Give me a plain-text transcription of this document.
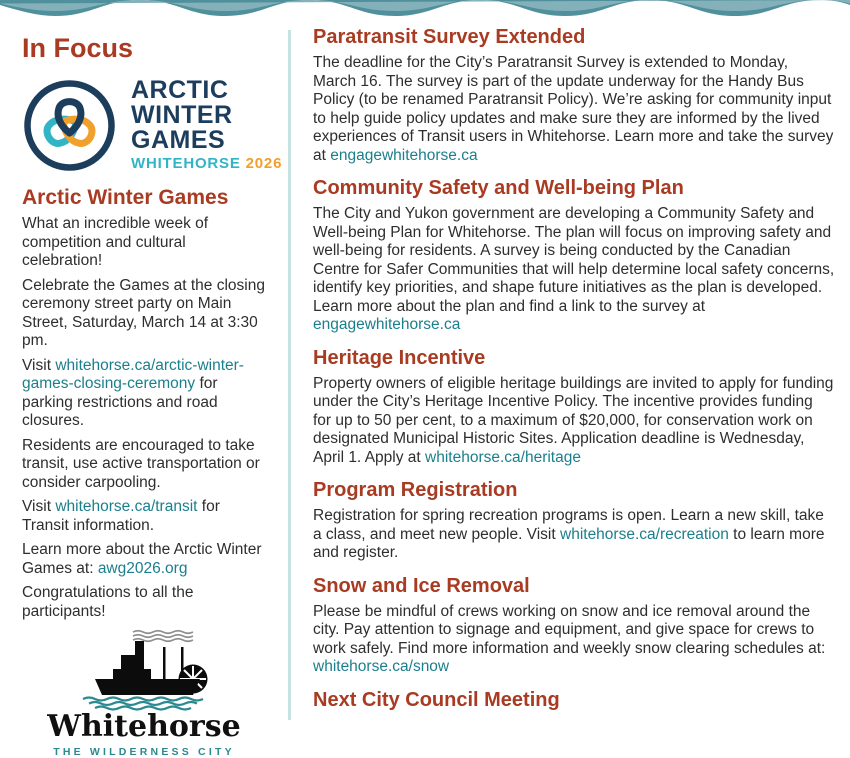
In Focus
ARCTIC
WINTER
GAMES
WHITEHORSE 2026
Arctic Winter Games

What an incredible week of competition and cultural celebration!

Celebrate the Games at the closing ceremony street party on Main Street, Saturday, March 14 at 3:30 pm.

Visit whitehorse.ca/arctic-winter-games-closing-ceremony for parking restrictions and road closures.

Residents are encouraged to take transit, use active transportation or consider carpooling.

Visit whitehorse.ca/transit for Transit information.

Learn more about the Arctic Winter Games at: awg2026.org

Congratulations to all the participants!

Whitehorse
THE WILDERNESS CITY
Paratransit Survey Extended

The deadline for the City’s Paratransit Survey is extended to Monday, March 16. The survey is part of the update underway for the Handy Bus Policy (to be renamed Paratransit Policy). We’re asking for community input to help guide policy updates and make sure they are informed by the lived experiences of Transit users in Whitehorse. Learn more and take the survey at engagewhitehorse.ca

Community Safety and Well-being Plan

The City and Yukon government are developing a Community Safety and Well-being Plan for Whitehorse. The plan will focus on improving safety and well-being for residents. A survey is being conducted by the Canadian Centre for Safer Communities that will help determine local safety concerns, identify key priorities, and shape future initiatives as the plan is developed. Learn more about the plan and find a link to the survey at engagewhitehorse.ca

Heritage Incentive

Property owners of eligible heritage buildings are invited to apply for funding under the City’s Heritage Incentive Policy. The incentive provides funding for up to 50 per cent, to a maximum of $20,000, for conservation work on designated Municipal Historic Sites. Application deadline is Wednesday, April 1. Apply at whitehorse.ca/heritage

Program Registration

Registration for spring recreation programs is open. Learn a new skill, take a class, and meet new people. Visit whitehorse.ca/recreation to learn more and register.

Snow and Ice Removal

Please be mindful of crews working on snow and ice removal around the city. Pay attention to signage and equipment, and give space for crews to work safely. Find more information and weekly snow clearing schedules at: whitehorse.ca/snow

Next City Council Meeting
